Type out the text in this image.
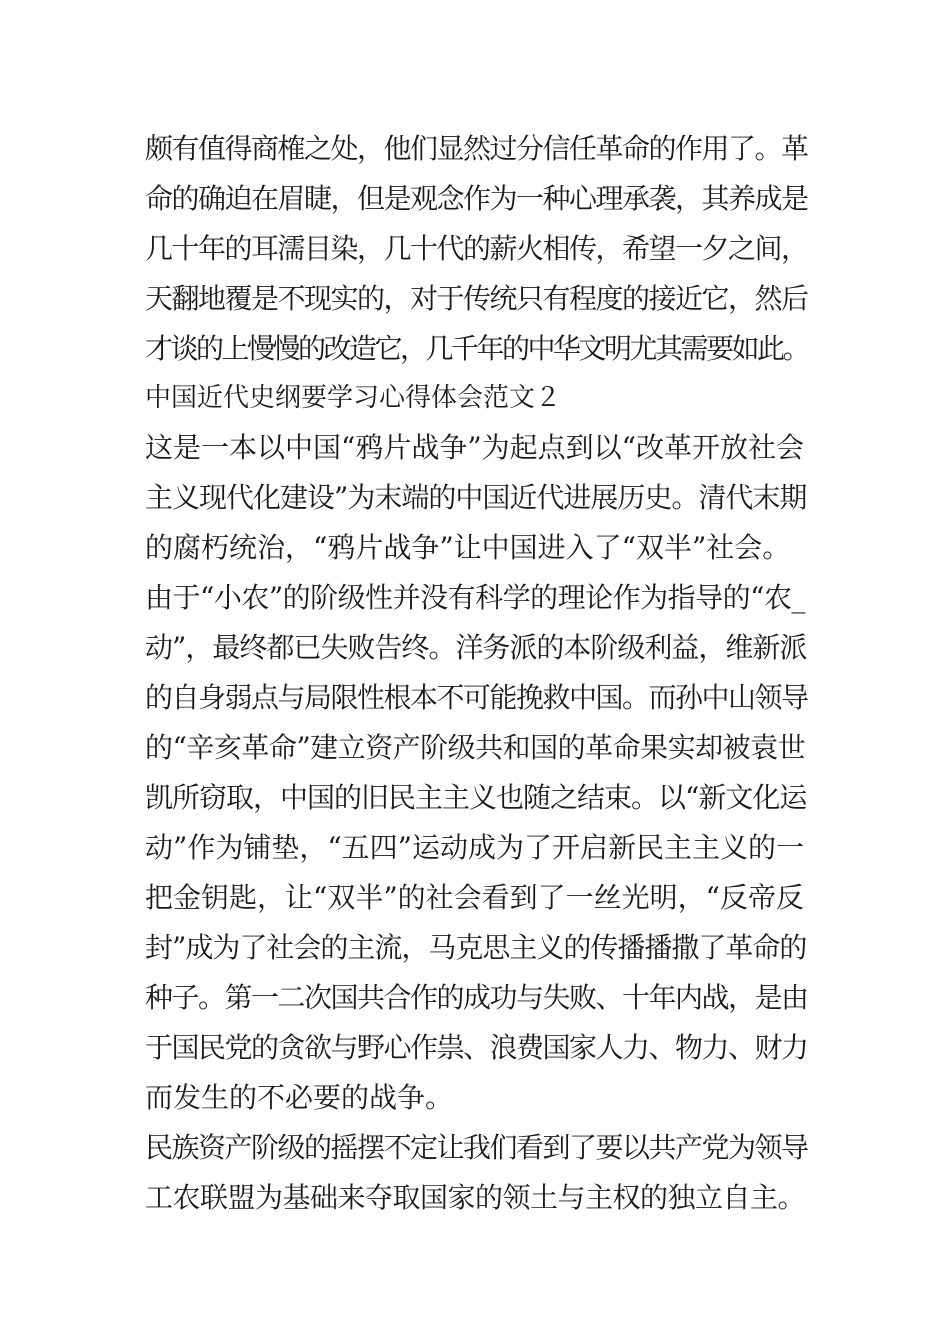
颇有值得商榷之处，他们显然过分信任革命的作用了。革
命的确迫在眉睫，但是观念作为一种心理承袭，其养成是
几十年的耳濡目染，几十代的薪火相传，希望一夕之间，
天翻地覆是不现实的，对于传统只有程度的接近它，然后
才谈的上慢慢的改造它，几千年的中华文明尤其需要如此。
中国近代史纲要学习心得体会范文２
这是一本以中国“鸦片战争”为起点到以“改革开放社会
主义现代化建设”为末端的中国近代进展历史。清代末期
的腐朽统治，“鸦片战争”让中国进入了“双半”社会。
由于“小农”的阶级性并没有科学的理论作为指导的“农_
动”，最终都已失败告终。洋务派的本阶级利益，维新派
的自身弱点与局限性根本不可能挽救中国。而孙中山领导
的“辛亥革命”建立资产阶级共和国的革命果实却被袁世
凯所窃取，中国的旧民主主义也随之结束。以“新文化运
动”作为铺垫，“五四”运动成为了开启新民主主义的一
把金钥匙，让“双半”的社会看到了一丝光明，“反帝反
封”成为了社会的主流，马克思主义的传播播撒了革命的
种子。第一二次国共合作的成功与失败、十年内战，是由
于国民党的贪欲与野心作祟、浪费国家人力、物力、财力
而发生的不必要的战争。
民族资产阶级的摇摆不定让我们看到了要以共产党为领导
工农联盟为基础来夺取国家的领土与主权的独立自主。
